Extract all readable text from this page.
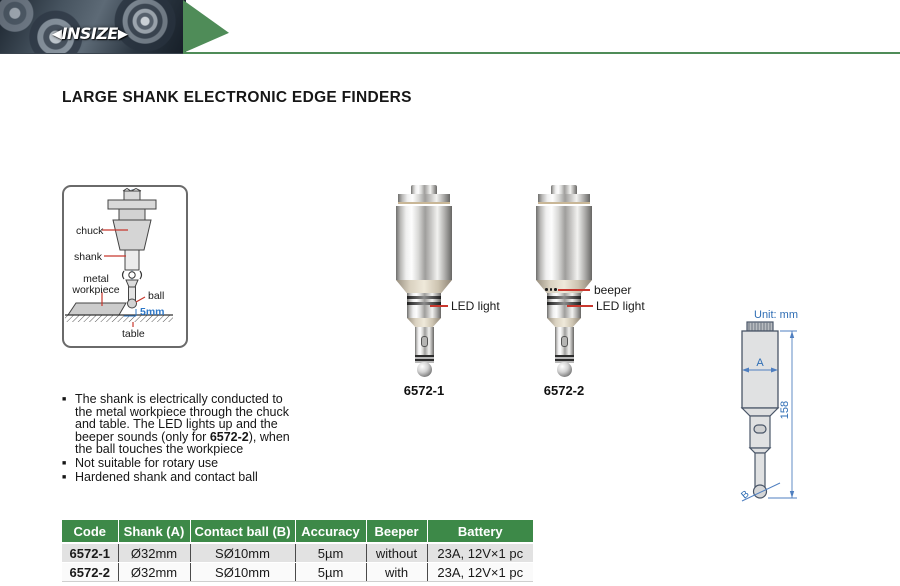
◀INSIZE▶
LARGE SHANK ELECTRONIC EDGE FINDERS
chuck
shank
metal workpiece
ball
5mm
table
6572-1
LED light
6572-2
beeper
LED light
Unit: mm
A
158
B
■ The shank is electrically conducted to the metal workpiece through the chuck and table. The LED lights up and the beeper sounds (only for 6572-2), when the ball touches the workpiece
■ Not suitable for rotary use
■ Hardened shank and contact ball
Code	Shank (A)	Contact ball (B)	Accuracy	Beeper	Battery
6572-1	Ø32mm	SØ10mm	5µm	without	23A, 12V×1 pc
6572-2	Ø32mm	SØ10mm	5µm	with	23A, 12V×1 pc
